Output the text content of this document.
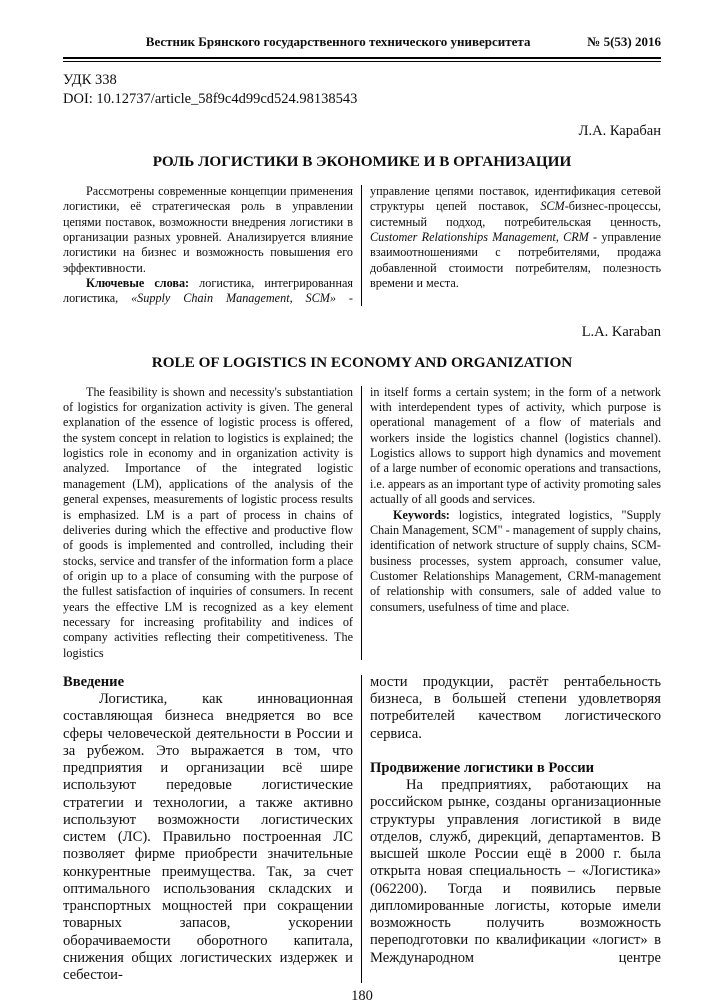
Вестник Брянского государственного технического университета	№ 5(53) 2016
УДК 338
DOI: 10.12737/article_58f9c4d99cd524.98138543
Л.А. Карабан
РОЛЬ ЛОГИСТИКИ В ЭКОНОМИКЕ И В ОРГАНИЗАЦИИ

Рассмотрены современные концепции применения логистики, её стратегическая роль в управлении цепями поставок, возможности внедрения логистики в организации разных уровней. Анализируется влияние логистики на бизнес и возможность повышения его эффективности.

Ключевые слова: логистика, интегрированная логистика, «Supply Chain Management, SCM» -

управление цепями поставок, идентификация сетевой структуры цепей поставок, SCM-бизнес-процессы, системный подход, потребительская ценность, Customer Relationships Management, CRM - управление взаимоотношениями с потребителями, продажа добавленной стоимости потребителям, полезность времени и места.

L.A. Karaban
ROLE OF LOGISTICS IN ECONOMY AND ORGANIZATION

The feasibility is shown and necessity's substantiation of logistics for organization activity is given. The general explanation of the essence of logistic process is offered, the system concept in relation to logistics is explained; the logistics role in economy and in organization activity is analyzed. Importance of the integrated logistic management (LM), applications of the analysis of the general expenses, measurements of logistic process results is emphasized. LM is a part of process in chains of deliveries during which the effective and productive flow of goods is implemented and controlled, including their stocks, service and transfer of the information form a place of origin up to a place of consuming with the purpose of the fullest satisfaction of inquiries of consumers. In recent years the effective LM is recognized as a key element necessary for increasing profitability and indices of company activities reflecting their competitiveness. The logistics

in itself forms a certain system; in the form of a network with interdependent types of activity, which purpose is operational management of a flow of materials and workers inside the logistics channel (logistics channel). Logistics allows to support high dynamics and movement of a large number of economic operations and transactions, i.e. appears as an important type of activity promoting sales actually of all goods and services.

Keywords: logistics, integrated logistics, "Supply Chain Management, SCM" - management of supply chains, identification of network structure of supply chains, SCM-business processes, system approach, consumer value, Customer Relationships Management, CRM-management of relationship with consumers, sale of added value to consumers, usefulness of time and place.

Введение

Логистика, как инновационная составляющая бизнеса внедряется во все сферы человеческой деятельности в России и за рубежом. Это выражается в том, что предприятия и организации всё шире используют передовые логистические стратегии и технологии, а также активно используют возможности логистических систем (ЛС). Правильно построенная ЛС позволяет фирме приобрести значительные конкурентные преимущества. Так, за счет оптимального использования складских и транспортных мощностей при сокращении товарных запасов, ускорении оборачиваемости оборотного капитала, снижения общих логистических издержек и себестои-

мости продукции, растёт рентабельность бизнеса, в большей степени удовлетворяя потребителей качеством логистического сервиса.

Продвижение логистики в России

На предприятиях, работающих на российском рынке, созданы организационные структуры управления логистикой в виде отделов, служб, дирекций, департаментов. В высшей школе России ещё в 2000 г. была открыта новая специальность – «Логистика» (062200). Тогда и появились первые дипломированные логисты, которые имели возможность получить возможность переподготовки по квалификации «логист» в Международном центре

180
